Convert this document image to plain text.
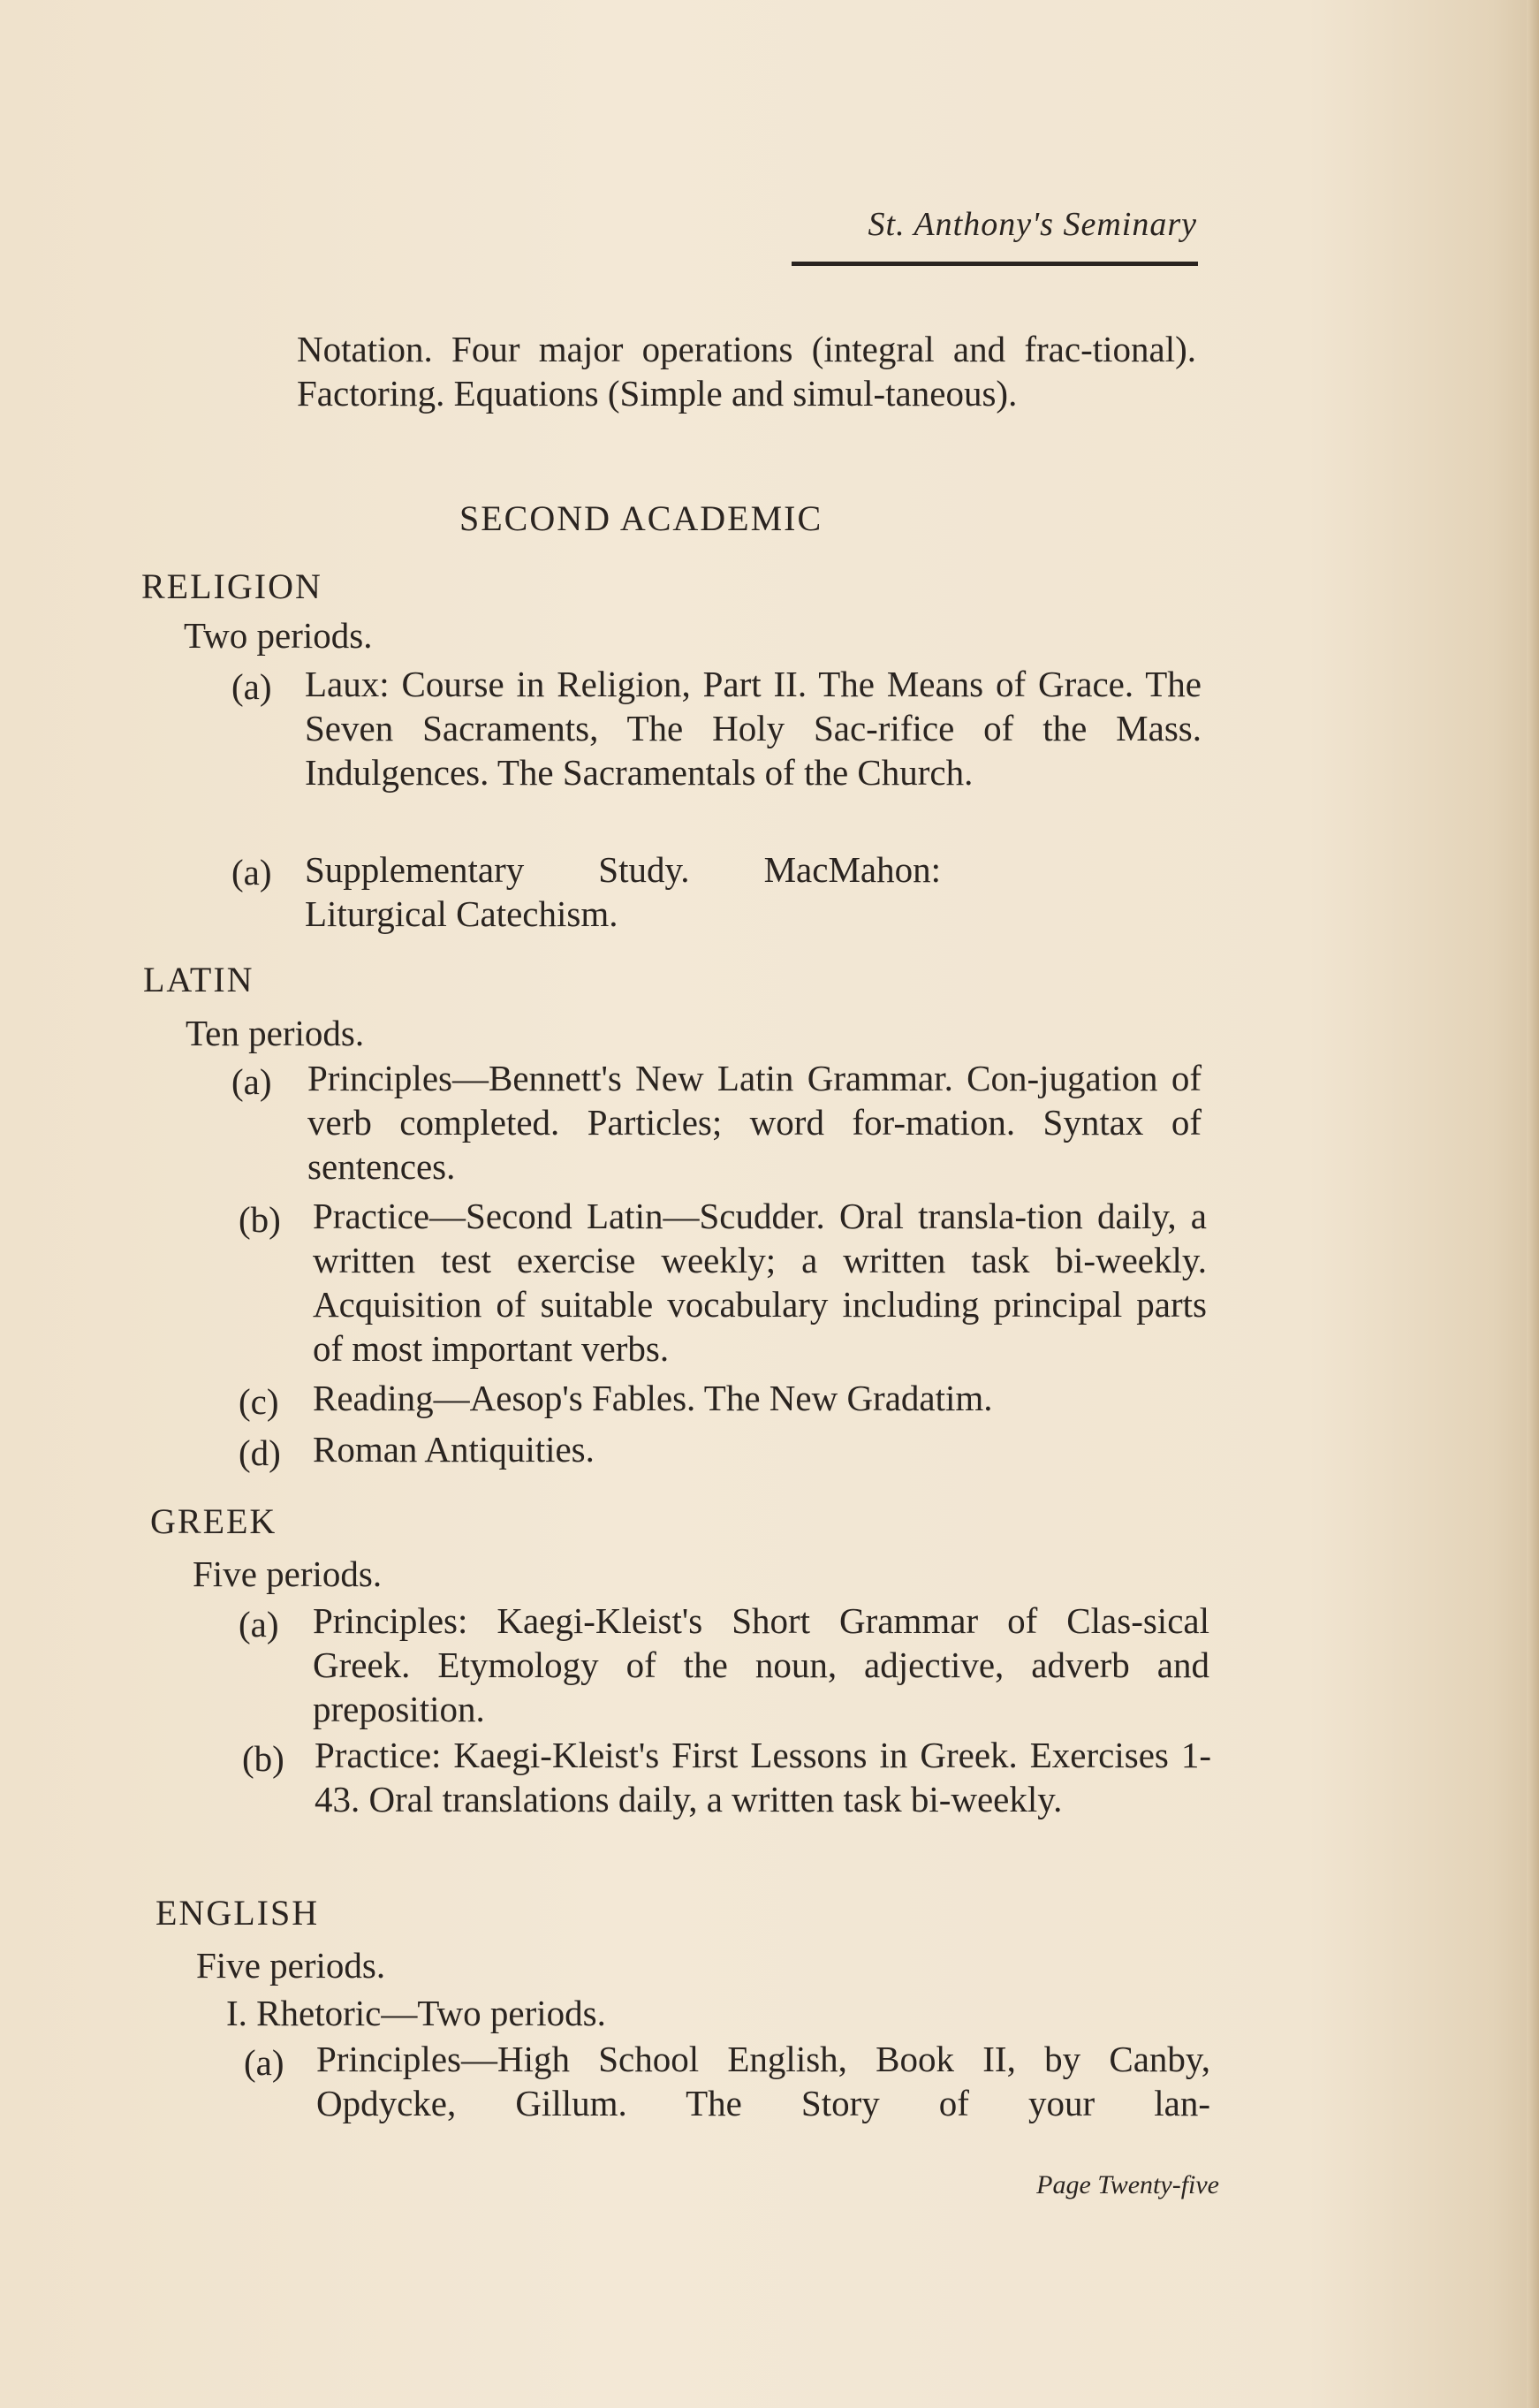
St. Anthony's Seminary
Notation. Four major operations (integral and frac-tional). Factoring. Equations (Simple and simul-taneous).
SECOND ACADEMIC
RELIGION
Two periods.
(a) Laux: Course in Religion, Part II. The Means of Grace. The Seven Sacraments, The Holy Sac-rifice of the Mass. Indulgences. The Sacramentals of the Church.
(a) Supplementary Study. MacMahon: Liturgical Catechism.
LATIN
Ten periods.
(a) Principles—Bennett's New Latin Grammar. Con-jugation of verb completed. Particles; word for-mation. Syntax of sentences.
(b) Practice—Second Latin—Scudder. Oral transla-tion daily, a written test exercise weekly; a written task bi-weekly. Acquisition of suitable vocabulary including principal parts of most important verbs.
(c) Reading—Aesop's Fables. The New Gradatim.
(d) Roman Antiquities.
GREEK
Five periods.
(a) Principles: Kaegi-Kleist's Short Grammar of Clas-sical Greek. Etymology of the noun, adjective, adverb and preposition.
(b) Practice: Kaegi-Kleist's First Lessons in Greek. Exercises 1-43. Oral translations daily, a written task bi-weekly.
ENGLISH
Five periods.
I. Rhetoric—Two periods.
(a) Principles—High School English, Book II, by Canby, Opdycke, Gillum. The Story of your lan-
Page Twenty-five
